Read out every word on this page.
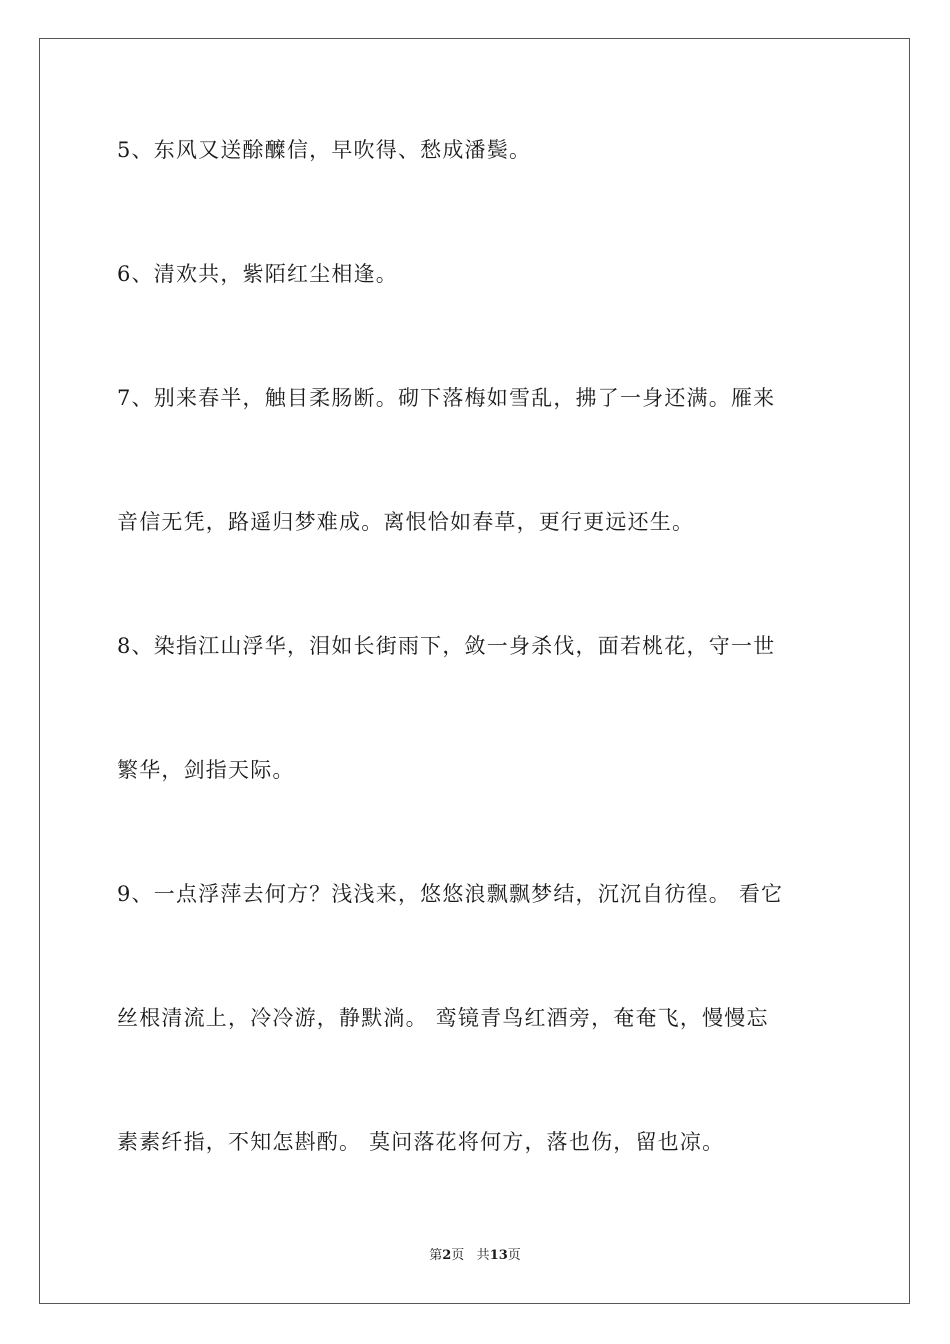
5、东风又送酴醾信，早吹得、愁成潘鬓。
6、清欢共，紫陌红尘相逢。
7、别来春半，触目柔肠断。砌下落梅如雪乱，拂了一身还满。雁来
音信无凭，路遥归梦难成。离恨恰如春草，更行更远还生。
8、染指江山浮华，泪如长街雨下，敛一身杀伐，面若桃花，守一世
繁华，剑指天际。
9、一点浮萍去何方？浅浅来，悠悠浪飘飘梦结，沉沉自彷徨。 看它
丝根清流上，冷冷游，静默淌。 鸾镜青鸟红酒旁，奄奄飞，慢慢忘
素素纤指，不知怎斟酌。 莫问落花将何方，落也伤，留也凉。
第2页 共13页
